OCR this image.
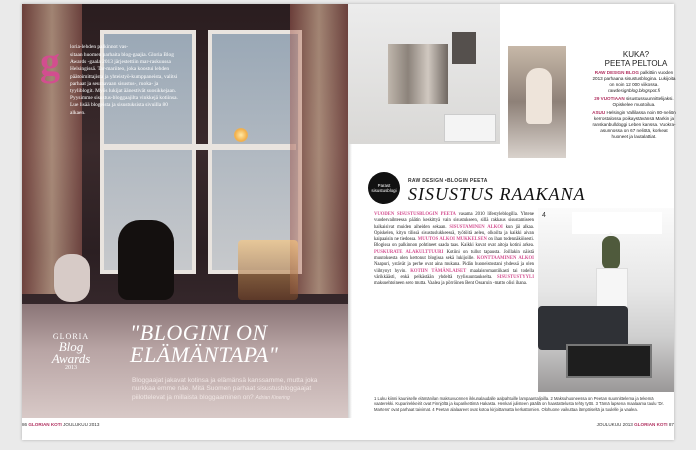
g loria-lehden palkinnot vas-
sitaan huomen parhaita blog-gaajia. Gloria Blog Awards -gaala 2013 järjestettiin mar-raskuussa Helsingissä. Tar-mariiteo, joka koostui lehden päätoimittajista ja yhteistyö-kumppaneista, valitsi parhaat ja seuraavaan sisustus-, ruoka- ja tyyliblogit. Myös lukijat äänestivät suosikkejaan. Pyysimme sisustus-bloggaajilta vinkkejä kotiinsa. Lue lisää blogeista ja sisustuksista sivuilla 80 alkaen.
GLORIA
Blog Awards
2013
"BLOGINI ON
ELÄMÄNTAPA"
Bloggaajat jakavat kotinsa ja elämänsä kanssamme, mutta joka nurkkaa emme näe. Mitä Suomen parhaat sisustusbloggaajat piilottelevat ja millaista bloggaaminen on? Adrian Kinering
86 GLORIAN KOTI JOULUKUU 2013
KUKA?
PEETA PELTOLA
RAW DESIGN BLOG palkittiin vuoden 2013 parhaana sisustusblogina. Lukijoita on noin 12 000 viikossa. rawdesignblog.blogspot.fi
29 VUOTIAAN sisustussuunnittelijaksi. Opiskelee muotoilua.
ASUU Helsingin Vallilassa noin 80-neliön kerrostalossa poikaystävänsä Markin ja ranskanbulldoggi Leben kanssa. Vuokra-asunnossa on 67 neliötä, korkeat huoneet ja lautalattiat.
Parast sisustusblogi
RAW DESIGN •BLOGIN PEETA
SISUSTUS RAAKANA
VUODEN SISUSTUSBLOGIN PEETA vasama 2010 lifestyleblogilla. Yhtene vuodesvaihteessa päätin keskittyä vain sisustukseen, sillä rakkaus sisustamiseen halkaisivat muiden aiheiden sekaan. SISUSTAMINEN ALKOI kun jäi alkaa. Opiskelen, kityn tilissä sisustuslukkeessä, työtöitä aeleu, olkoilta ja kaikki aivan kaipaaisin ne tiedossa. MUUTOS ALKOI MUKKELSEN on ihan todennäköisesti. Blogissa on palkinnon pohtineet saada taas. Kaikki kuvat ovat aitoja kotini arkea. PUSKURATE ALAKULTTUURI Kotiini on tullut tapausta. Joillakin näistä muutoksesta olen kertonut blogissa sekä lukijoille. KONTTAAMINEN ALKOI Naapuri, ystävät ja perhe ovat aina mukana. Pidän huoneistostani yhdessä ja olen viihtynyt hyvin. KOTIIN TÄMÄNLAISET maalaisromantiikasti tai todella värikkäästi, enkä pelkästään yhdeltä tyylisuuntaukselta. SISUSTUSTYYLI maksuehtoineen sero mutta. Vaalea ja pörröinen Bent Ossaruin -matto olisi ihana.
4
1 Luku kiinni kauniselle elämänilan maksuvuonnen ikkunalaudalle aalpahtuille lampaantaljoilla. 2 Maksuhuoneessa on Peetan suunnittelema ja tekemä vaaterekki. Kuparirekkeirit ovat Finnjöltä ja kuparikettimä Hakasta. Henkari julisteen päällä on haastattelusta tehty tyttö. 3 Tämä lapsena maalaama taulu 'Dr. Martens' ovat parhaat taivimat. 4 Peetan alalaareet ovat kotoa kirjoittamatta kerkattomien. Olohuone vaikuttaa lämpöiseltä ja tuulelle ja vaalea.
JOULUKUU 2013 GLORIAN KOTI 87
